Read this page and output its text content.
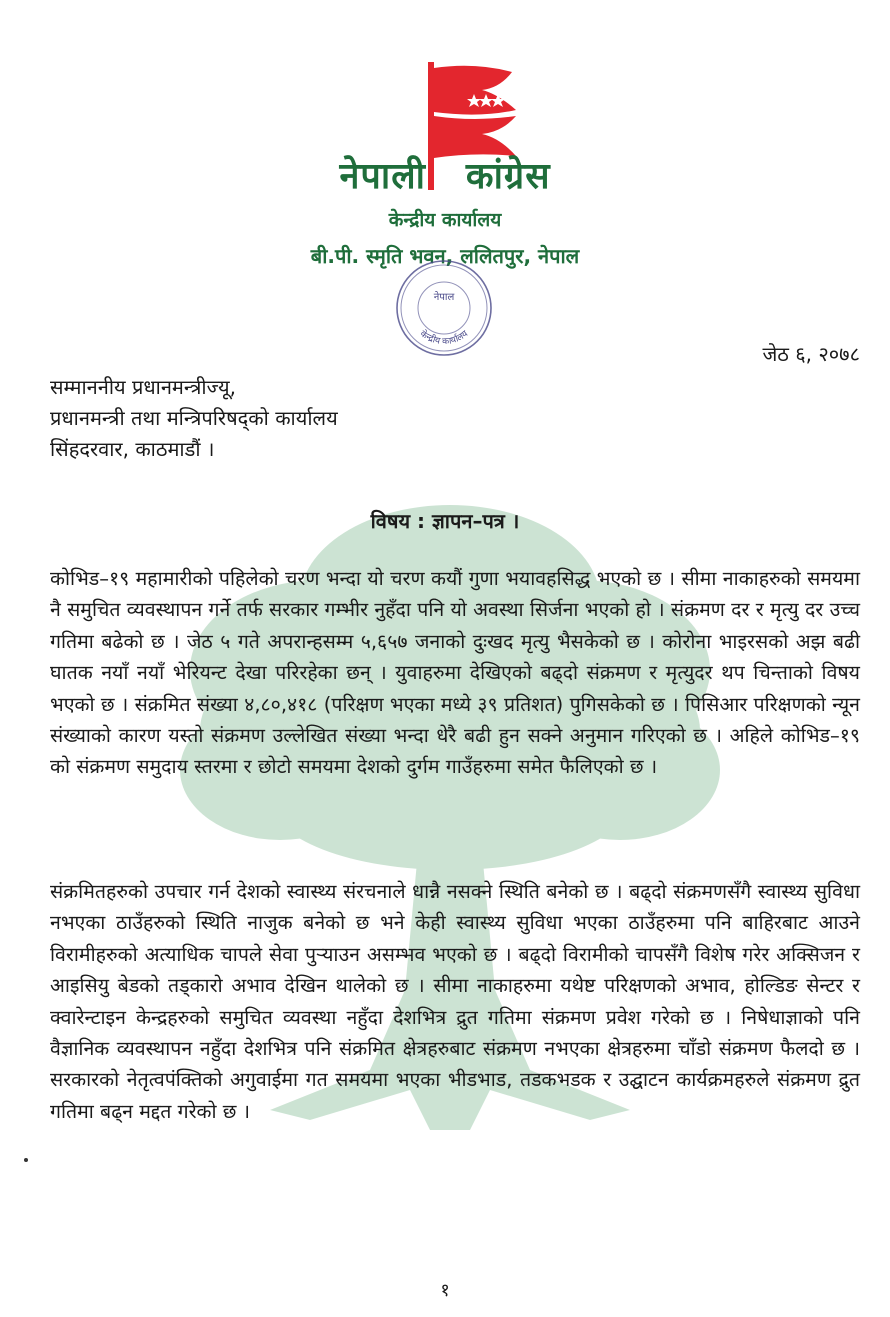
नेपाली कांग्रेस
केन्द्रीय कार्यालय
बी.पी. स्मृति भवन, ललितपुर, नेपाल
नेपाल
केन्द्रीय कार्यालय
जेठ ६, २०७८
सम्माननीय प्रधानमन्त्रीज्यू,
प्रधानमन्त्री तथा मन्त्रिपरिषद्को कार्यालय
सिंहदरवार, काठमाडौं ।
विषय : ज्ञापन–पत्र ।
कोभिड–१९ महामारीको पहिलेको चरण भन्दा यो चरण कयौं गुणा भयावहसिद्ध भएको छ । सीमा नाकाहरुको समयमा नै समुचित व्यवस्थापन गर्ने तर्फ सरकार गम्भीर नुहँदा पनि यो अवस्था सिर्जना भएको हो । संक्रमण दर र मृत्यु दर उच्च गतिमा बढेको छ । जेठ ५ गते अपरान्हसम्म ५,६५७ जनाको दुःखद मृत्यु भैसकेको छ । कोरोना भाइरसको अझ बढी घातक नयाँ नयाँ भेरियन्ट देखा परिरहेका छन् । युवाहरुमा देखिएको बढ्दो संक्रमण र मृत्युदर थप चिन्ताको विषय भएको छ । संक्रमित संख्या ४,८०,४१८ (परिक्षण भएका मध्ये ३९ प्रतिशत) पुगिसकेको छ । पिसिआर परिक्षणको न्यून संख्याको कारण यस्तो संक्रमण उल्लेखित संख्या भन्दा धेरै बढी हुन सक्ने अनुमान गरिएको छ । अहिले कोभिड–१९ को संक्रमण समुदाय स्तरमा र छोटो समयमा देशको दुर्गम गाउँहरुमा समेत फैलिएको छ ।
संक्रमितहरुको उपचार गर्न देशको स्वास्थ्य संरचनाले धान्नै नसक्ने स्थिति बनेको छ । बढ्दो संक्रमणसँगै स्वास्थ्य सुविधा नभएका ठाउँहरुको स्थिति नाजुक बनेको छ भने केही स्वास्थ्य सुविधा भएका ठाउँहरुमा पनि बाहिरबाट आउने विरामीहरुको अत्याधिक चापले सेवा पुऱ्याउन असम्भव भएको छ । बढ्दो विरामीको चापसँगै विशेष गरेर अक्सिजन र आइसियु बेडको तड्कारो अभाव देखिन थालेको छ । सीमा नाकाहरुमा यथेष्ट परिक्षणको अभाव, होल्डिङ सेन्टर र क्वारेन्टाइन केन्द्रहरुको समुचित व्यवस्था नहुँदा देशभित्र द्रुत गतिमा संक्रमण प्रवेश गरेको छ । निषेधाज्ञाको पनि वैज्ञानिक व्यवस्थापन नहुँदा देशभित्र पनि संक्रमित क्षेत्रहरुबाट संक्रमण नभएका क्षेत्रहरुमा चाँडो संक्रमण फैलदो छ । सरकारको नेतृत्वपंक्तिको अगुवाईमा गत समयमा भएका भीडभाड, तडकभडक र उद्घाटन कार्यक्रमहरुले संक्रमण द्रुत गतिमा बढ्न मद्दत गरेको छ ।
१
